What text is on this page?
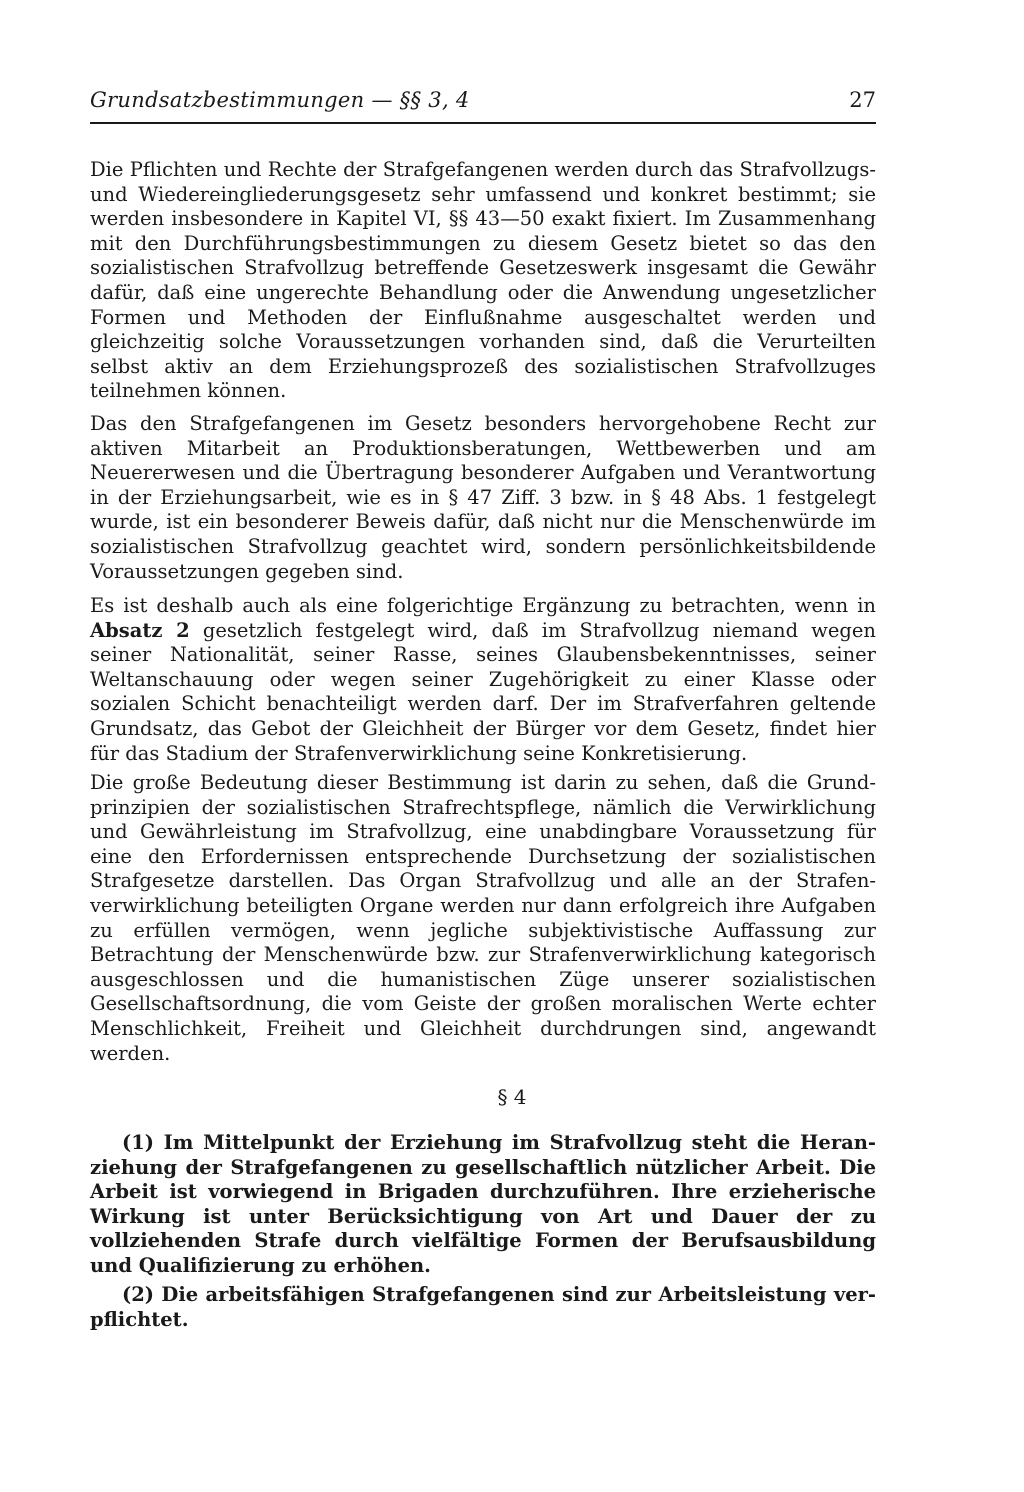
Grundsatzbestimmungen — §§ 3, 4	27

Die Pflichten und Rechte der Strafgefangenen werden durch das Strafvollzugs- und Wiedereingliederungsgesetz sehr umfassend und konkret bestimmt; sie werden insbesondere in Kapitel VI, §§ 43—50 exakt fixiert. Im Zusammenhang mit den Durchführungsbestimmungen zu diesem Gesetz bietet so das den sozialistischen Strafvollzug betreffende Gesetzeswerk insgesamt die Gewähr dafür, daß eine ungerechte Behandlung oder die Anwendung ungesetzlicher Formen und Methoden der Einflußnahme ausgeschaltet werden und gleichzeitig solche Voraussetzungen vorhanden sind, daß die Verurteilten selbst aktiv an dem Erziehungsprozeß des sozialistischen Strafvollzuges teilnehmen können.

Das den Strafgefangenen im Gesetz besonders hervorgehobene Recht zur aktiven Mitarbeit an Produktionsberatungen, Wettbewerben und am Neuererwesen und die Übertragung besonderer Aufgaben und Verantwortung in der Erziehungsarbeit, wie es in § 47 Ziff. 3 bzw. in § 48 Abs. 1 festgelegt wurde, ist ein besonderer Beweis dafür, daß nicht nur die Menschenwürde im sozialistischen Strafvollzug geachtet wird, sondern persönlichkeitsbildende Voraussetzungen gegeben sind.

Es ist deshalb auch als eine folgerichtige Ergänzung zu betrachten, wenn in Absatz 2 gesetzlich festgelegt wird, daß im Strafvollzug niemand wegen seiner Nationalität, seiner Rasse, seines Glaubensbekenntnisses, seiner Weltanschauung oder wegen seiner Zugehörigkeit zu einer Klasse oder sozialen Schicht benachteiligt werden darf. Der im Strafverfahren geltende Grundsatz, das Gebot der Gleichheit der Bürger vor dem Gesetz, findet hier für das Stadium der Strafenverwirklichung seine Konkretisierung.

Die große Bedeutung dieser Bestimmung ist darin zu sehen, daß die Grundprinzipien der sozialistischen Strafrechtspflege, nämlich die Verwirklichung und Gewährleistung im Strafvollzug, eine unabdingbare Voraussetzung für eine den Erfordernissen entsprechende Durchsetzung der sozialistischen Strafgesetze darstellen. Das Organ Strafvollzug und alle an der Strafenverwirklichung beteiligten Organe werden nur dann erfolgreich ihre Aufgaben zu erfüllen vermögen, wenn jegliche subjektivistische Auffassung zur Betrachtung der Menschenwürde bzw. zur Strafenverwirklichung kategorisch ausgeschlossen und die humanistischen Züge unserer sozialistischen Gesellschaftsordnung, die vom Geiste der großen moralischen Werte echter Menschlichkeit, Freiheit und Gleichheit durchdrungen sind, angewandt werden.

§ 4

(1) Im Mittelpunkt der Erziehung im Strafvollzug steht die Heranziehung der Strafgefangenen zu gesellschaftlich nützlicher Arbeit. Die Arbeit ist vorwiegend in Brigaden durchzuführen. Ihre erzieherische Wirkung ist unter Berücksichtigung von Art und Dauer der zu vollziehenden Strafe durch vielfältige Formen der Berufsausbildung und Qualifizierung zu erhöhen.

(2) Die arbeitsfähigen Strafgefangenen sind zur Arbeitsleistung verpflichtet.
